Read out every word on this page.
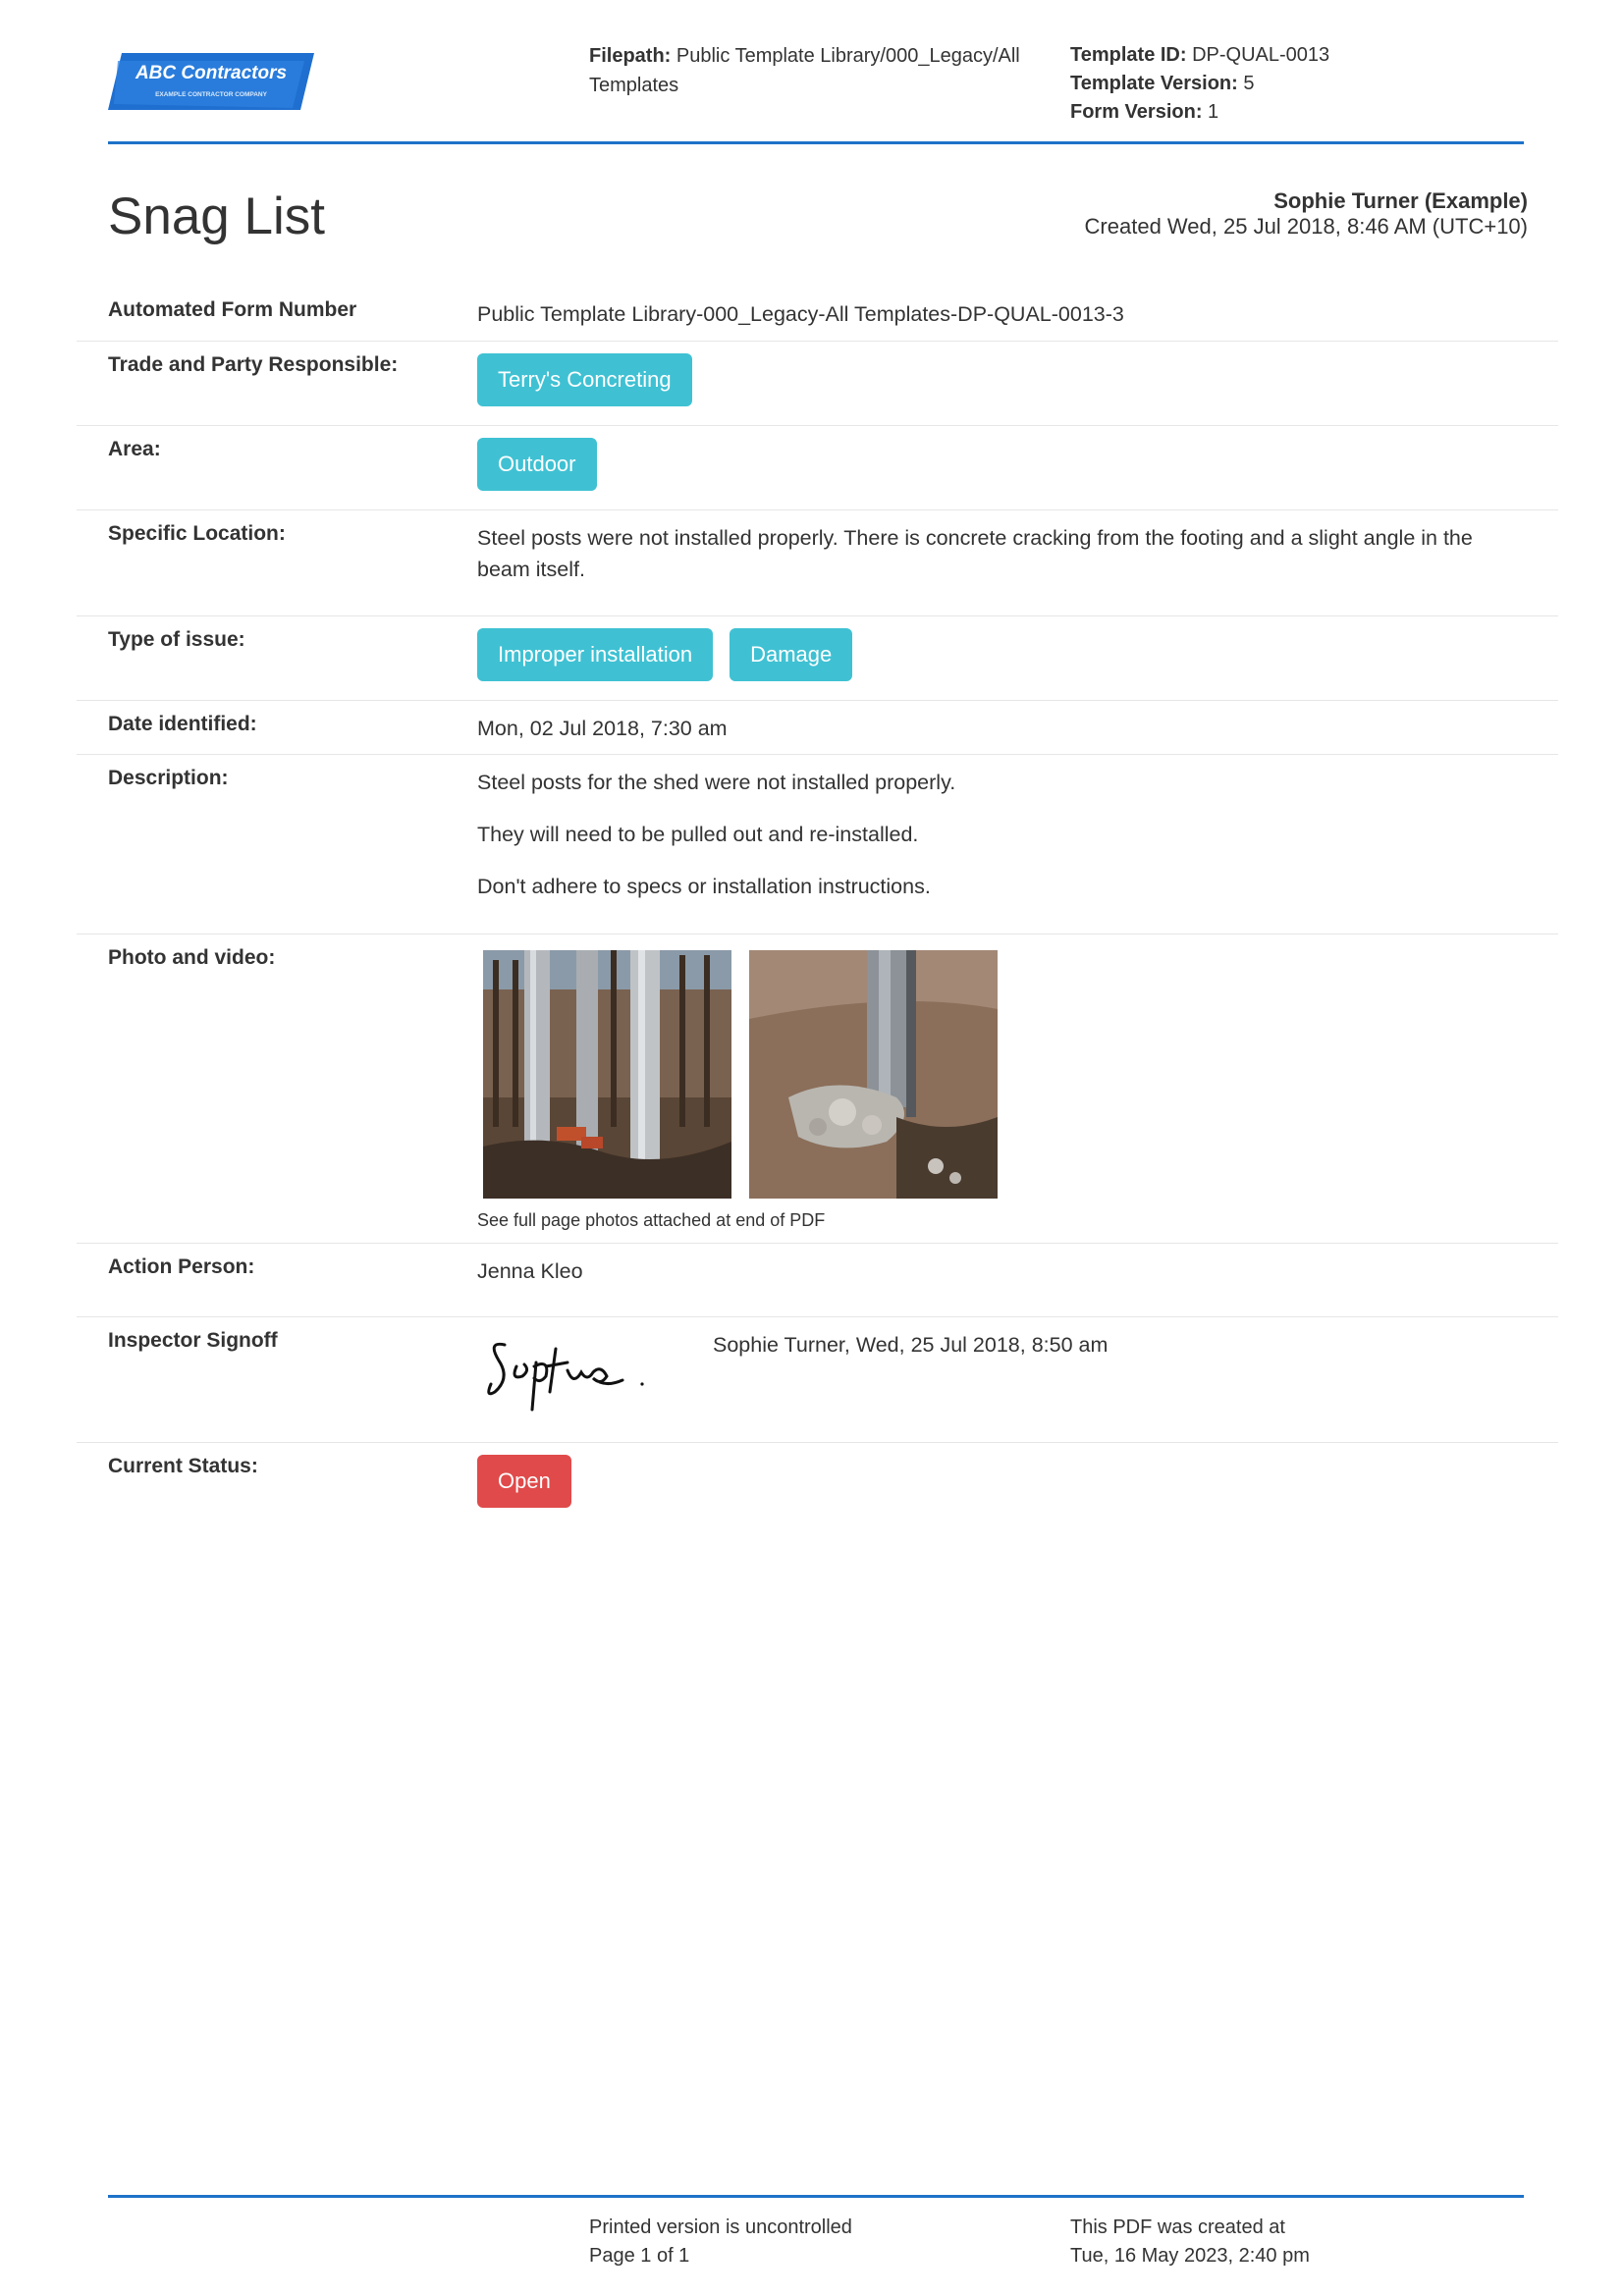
ABC Contractors
EXAMPLE CONTRACTOR COMPANY
Filepath: Public Template Library/000_Legacy/All Templates
Template ID: DP-QUAL-0013
Template Version: 5
Form Version: 1
Snag List	Sophie Turner (Example)
Created Wed, 25 Jul 2018, 8:46 AM (UTC+10)
Automated Form Number	Public Template Library-000_Legacy-All Templates-DP-QUAL-0013-3
Trade and Party Responsible:
Terry's Concreting
Area:
Outdoor
Specific Location:	Steel posts were not installed properly. There is concrete cracking from the footing and a slight angle in the beam itself.
Type of issue:
Improper installation	Damage
Date identified:	Mon, 02 Jul 2018, 7:30 am
Description:	Steel posts for the shed were not installed properly.

They will need to be pulled out and re-installed.

Don't adhere to specs or installation instructions.

Photo and video:
See full page photos attached at end of PDF
Action Person:	Jenna Kleo
Inspector Signoff	Sophie Turner, Wed, 25 Jul 2018, 8:50 am
Current Status:
Open
Printed version is uncontrolled
Page 1 of 1
This PDF was created at
Tue, 16 May 2023, 2:40 pm
